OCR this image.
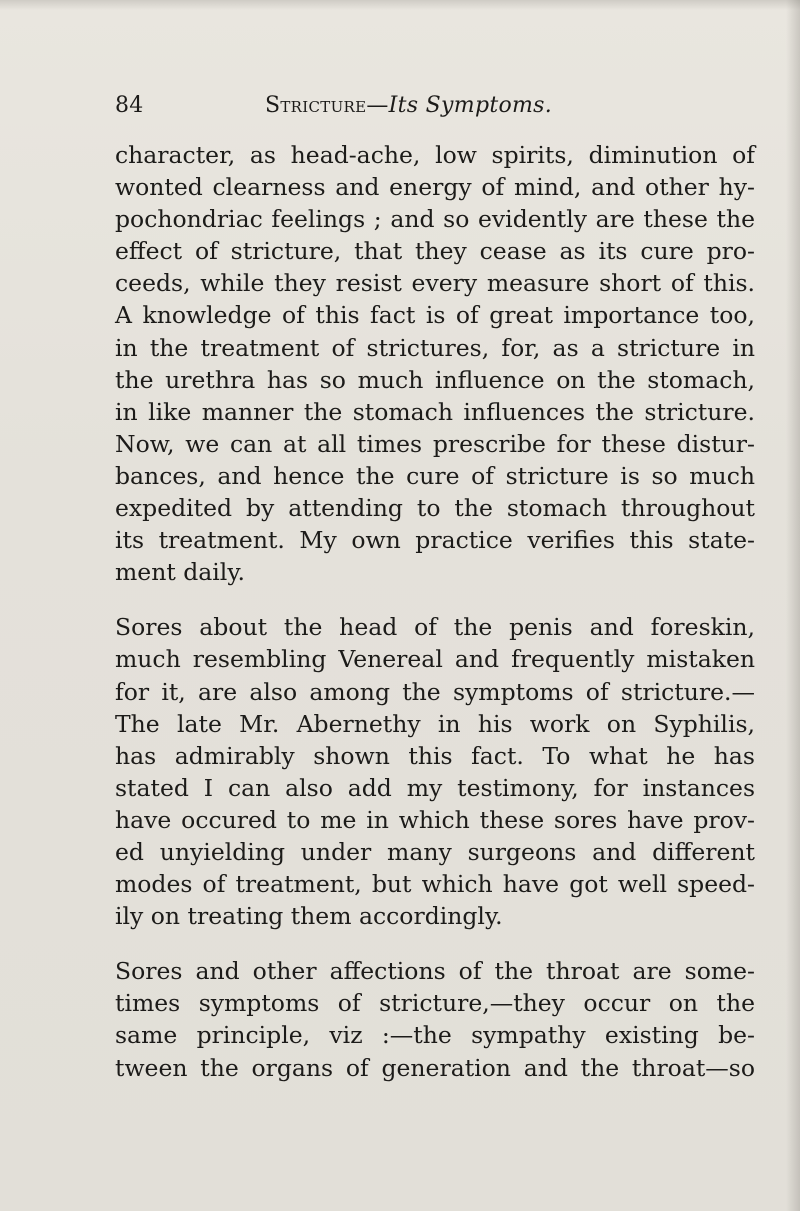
84	Stricture—Its Symptoms.
character, as head-ache, low spirits, diminution of
wonted clearness and energy of mind, and other hy-
pochondriac feelings ; and so evidently are these the
effect of stricture, that they cease as its cure pro-
ceeds, while they resist every measure short of this.
A knowledge of this fact is of great importance too,
in the treatment of strictures, for, as a stricture in
the urethra has so much influence on the stomach,
in like manner the stomach influences the stricture.
Now, we can at all times prescribe for these distur-
bances, and hence the cure of stricture is so much
expedited by attending to the stomach throughout
its treatment. My own practice verifies this state-
ment daily.
Sores about the head of the penis and foreskin,
much resembling Venereal and frequently mistaken
for it, are also among the symptoms of stricture.—
The late Mr. Abernethy in his work on Syphilis,
has admirably shown this fact. To what he has
stated I can also add my testimony, for instances
have occured to me in which these sores have prov-
ed unyielding under many surgeons and different
modes of treatment, but which have got well speed-
ily on treating them accordingly.
Sores and other affections of the throat are some-
times symptoms of stricture,—they occur on the
same principle, viz :—the sympathy existing be-
tween the organs of generation and the throat—so
